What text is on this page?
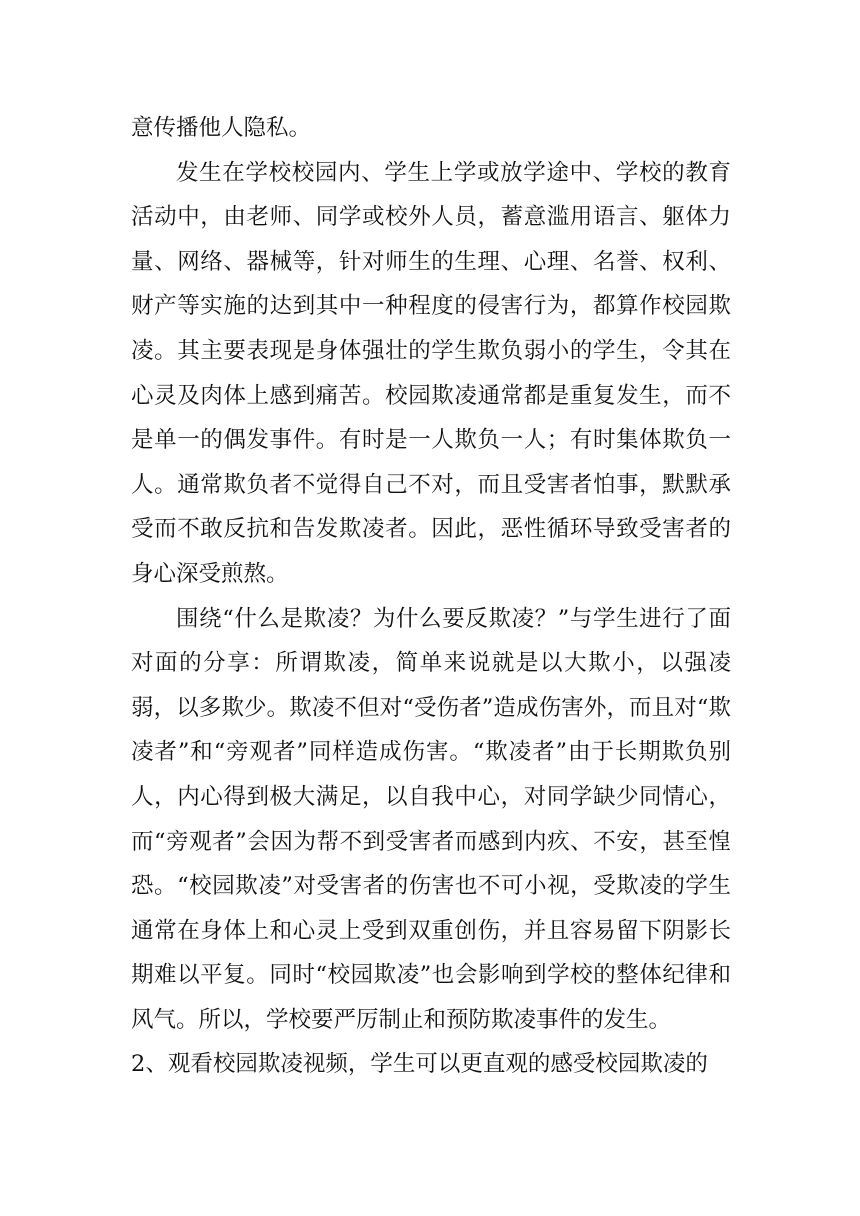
意传播他人隐私。

发生在学校校园内、学生上学或放学途中、学校的教育活动中，由老师、同学或校外人员，蓄意滥用语言、躯体力量、网络、器械等，针对师生的生理、心理、名誉、权利、财产等实施的达到其中一种程度的侵害行为，都算作校园欺凌。其主要表现是身体强壮的学生欺负弱小的学生，令其在心灵及肉体上感到痛苦。校园欺凌通常都是重复发生，而不是单一的偶发事件。有时是一人欺负一人；有时集体欺负一人。通常欺负者不觉得自己不对，而且受害者怕事，默默承受而不敢反抗和告发欺凌者。因此，恶性循环导致受害者的身心深受煎熬。

围绕“什么是欺凌？为什么要反欺凌？”与学生进行了面对面的分享：所谓欺凌，简单来说就是以大欺小，以强凌弱，以多欺少。欺凌不但对“受伤者”造成伤害外，而且对“欺凌者”和“旁观者”同样造成伤害。“欺凌者”由于长期欺负别人，内心得到极大满足，以自我中心，对同学缺少同情心，而“旁观者”会因为帮不到受害者而感到内疚、不安，甚至惶恐。“校园欺凌”对受害者的伤害也不可小视，受欺凌的学生通常在身体上和心灵上受到双重创伤，并且容易留下阴影长期难以平复。同时“校园欺凌”也会影响到学校的整体纪律和风气。所以，学校要严厉制止和预防欺凌事件的发生。

2、观看校园欺凌视频，学生可以更直观的感受校园欺凌的
